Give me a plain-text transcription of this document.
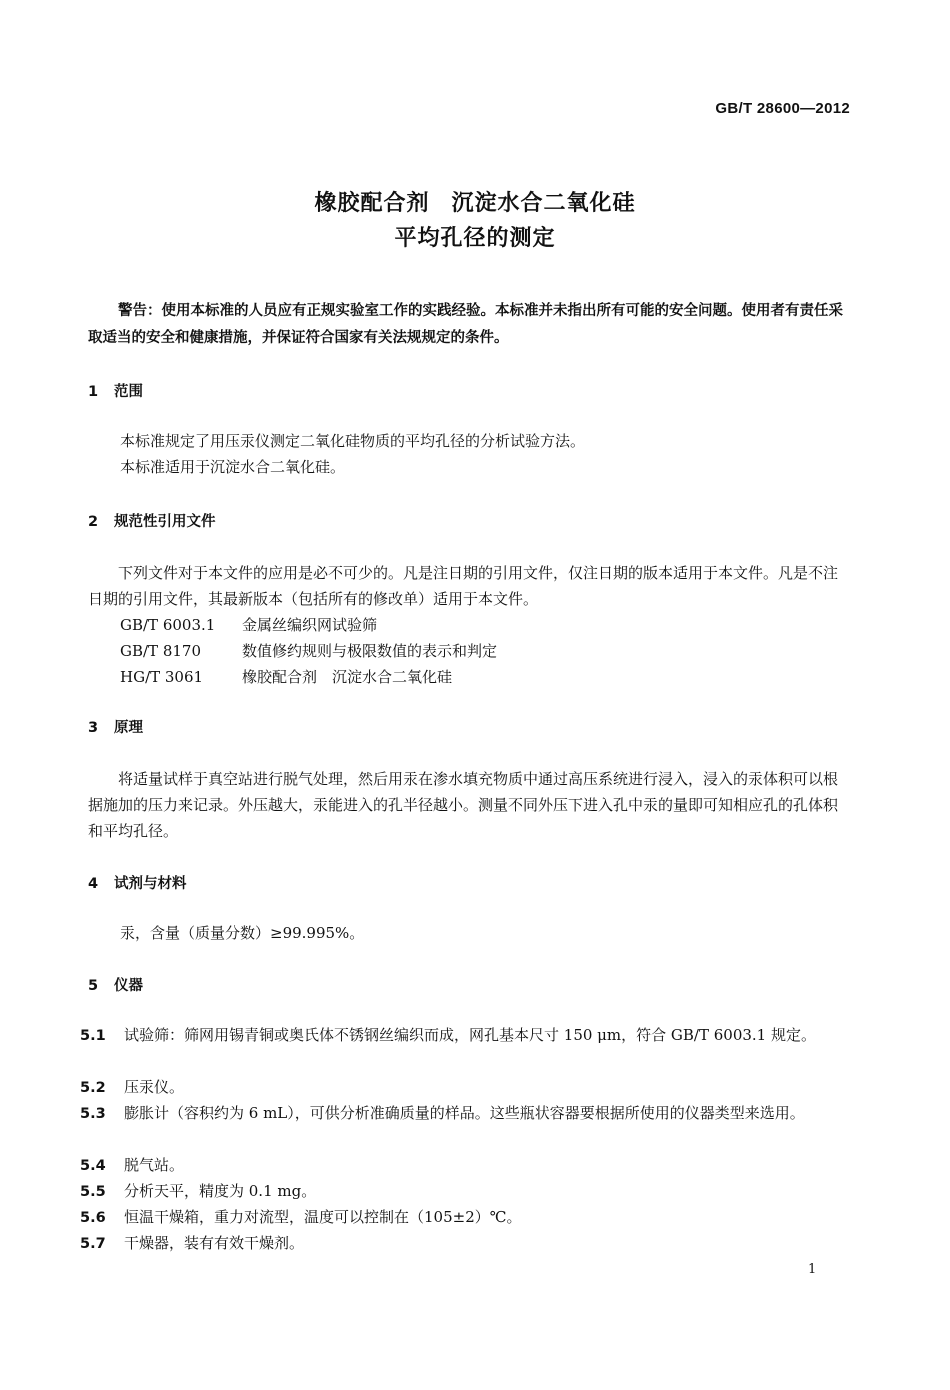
GB/T 28600—2012
橡胶配合剂 沉淀水合二氧化硅
平均孔径的测定
警告：使用本标准的人员应有正规实验室工作的实践经验。本标准并未指出所有可能的安全问题。使用者有责任采取适当的安全和健康措施，并保证符合国家有关法规规定的条件。
1 范围
本标准规定了用压汞仪测定二氧化硅物质的平均孔径的分析试验方法。
本标准适用于沉淀水合二氧化硅。
2 规范性引用文件
下列文件对于本文件的应用是必不可少的。凡是注日期的引用文件，仅注日期的版本适用于本文件。凡是不注日期的引用文件，其最新版本（包括所有的修改单）适用于本文件。
GB/T 6003.1 金属丝编织网试验筛
GB/T 8170	数值修约规则与极限数值的表示和判定
HG/T 3061	橡胶配合剂　沉淀水合二氧化硅
3 原理
将适量试样于真空站进行脱气处理，然后用汞在渗水填充物质中通过高压系统进行浸入，浸入的汞体积可以根据施加的压力来记录。外压越大，汞能进入的孔半径越小。测量不同外压下进入孔中汞的量即可知相应孔的孔体积和平均孔径。
4 试剂与材料
汞，含量（质量分数）≥99.995%。
5 仪器
5.1 试验筛：筛网用锡青铜或奥氏体不锈钢丝编织而成，网孔基本尺寸 150 μm，符合 GB/T 6003.1 规定。
5.2 压汞仪。
5.3 膨胀计（容积约为 6 mL），可供分析准确质量的样品。这些瓶状容器要根据所使用的仪器类型来选用。
5.4 脱气站。
5.5 分析天平，精度为 0.1 mg。
5.6 恒温干燥箱，重力对流型，温度可以控制在（105±2）℃。
5.7 干燥器，装有有效干燥剂。
1
